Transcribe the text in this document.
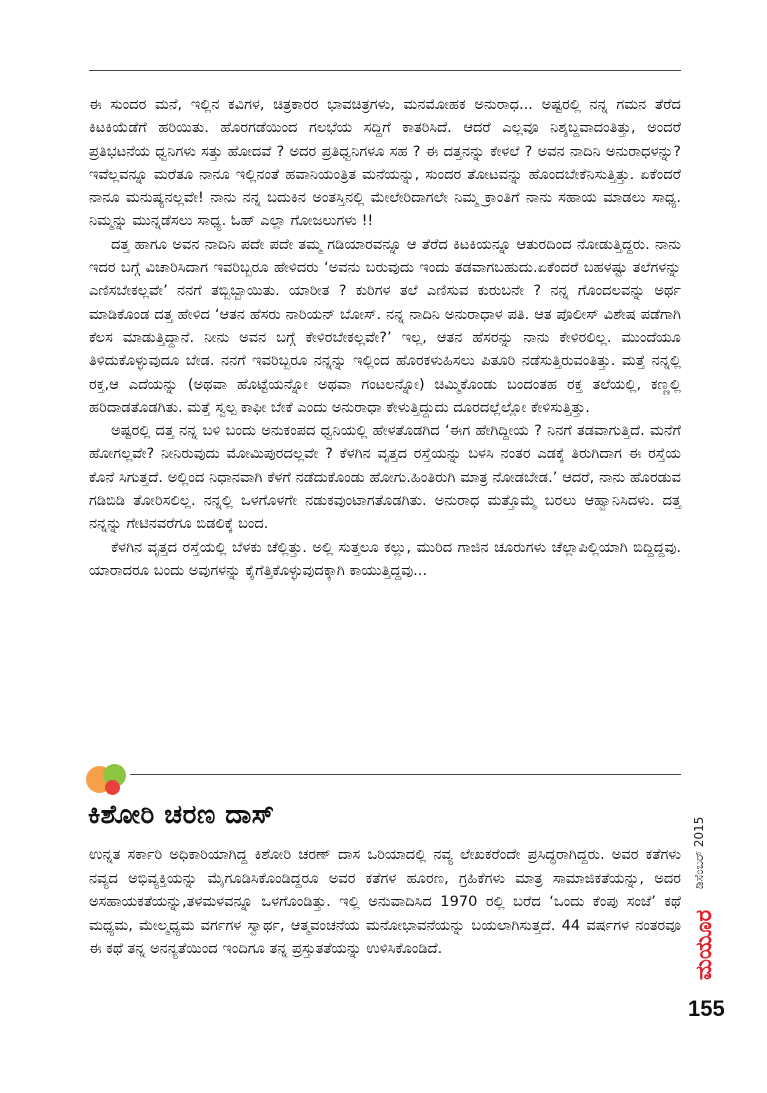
ಈ ಸುಂದರ ಮನೆ, ಇಲ್ಲಿನ ಕವಿಗಳ, ಚಿತ್ರಕಾರರ ಭಾವಚಿತ್ರಗಳು, ಮನಮೋಹಕ ಅನುರಾಧ... ಅಷ್ಟರಲ್ಲಿ ನನ್ನ ಗಮನ ತೆರೆದ ಕಿಟಕಿಯೆಡೆಗೆ ಹರಿಯಿತು. ಹೊರಗಡೆಯಿಂದ ಗಲಭೆಯ ಸದ್ದಿಗೆ ಕಾತರಿಸಿದೆ. ಆದರೆ ಎಲ್ಲವೂ ನಿಶ್ಶಬ್ದವಾದಂತಿತ್ತು, ಅಂದರೆ ಪ್ರತಿಭಟನೆಯ ಧ್ವನಿಗಳು ಸತ್ತು ಹೋದವೆ ? ಅದರ ಪ್ರತಿಧ್ವನಿಗಳೂ ಸಹ ? ಈ ದತ್ತನನ್ನು ಕೇಳಲೆ ? ಅವನ ನಾದಿನಿ ಅನುರಾಧಳನ್ನು? ಇವೆಲ್ಲವನ್ನೂ ಮರೆತೂ ನಾನೂ ಇಲ್ಲಿನಂತೆ ಹವಾನಿಯಂತ್ರಿತ ಮನೆಯನ್ನು, ಸುಂದರ ತೋಟವನ್ನು ಹೊಂದಬೇಕೆನಿಸುತ್ತಿತ್ತು. ಏಕೆಂದರೆ ನಾನೂ ಮನುಷ್ಯನಲ್ಲವೇ! ನಾನು ನನ್ನ ಬದುಕಿನ ಅಂತಸ್ತಿನಲ್ಲಿ ಮೇಲೇರಿದಾಗಲೇ ನಿಮ್ಮ ಕ್ರಾಂತಿಗೆ ನಾನು ಸಹಾಯ ಮಾಡಲು ಸಾಧ್ಯ. ನಿಮ್ಮನ್ನು ಮುನ್ನಡೆಸಲು ಸಾಧ್ಯ. ಓಹ್ ಎಲ್ಲಾ ಗೋಜಲುಗಳು !!

ದತ್ತ ಹಾಗೂ ಅವನ ನಾದಿನಿ ಪದೇ ಪದೇ ತಮ್ಮ ಗಡಿಯಾರವನ್ನೂ ಆ ತೆರೆದ ಕಿಟಕಿಯನ್ನೂ ಆತುರದಿಂದ ನೋಡುತ್ತಿದ್ದರು. ನಾನು ಇದರ ಬಗ್ಗೆ ವಿಚಾರಿಸಿದಾಗ ಇವರಿಬ್ಬರೂ ಹೇಳಿದರು ‘ಅವನು ಬರುವುದು ಇಂದು ತಡವಾಗಬಹುದು.ಏಕೆಂದರೆ ಬಹಳಷ್ಟು ತಲೆಗಳನ್ನು ಎಣಿಸಬೇಕಲ್ಲವೇ’ ನನಗೆ ತಬ್ಬಿಬ್ಬಾಯಿತು. ಯಾರೀತ ? ಕುರಿಗಳ ತಲೆ ಎಣಿಸುವ ಕುರುಬನೇ ? ನನ್ನ ಗೊಂದಲವನ್ನು ಅರ್ಥ ಮಾಡಿಕೊಂಡ ದತ್ತ ಹೇಳಿದ ‘ಆತನ ಹೆಸರು ನಾರಿಯನ್ ಬೋಸ್. ನನ್ನ ನಾದಿನಿ ಅನುರಾಧಾಳ ಪತಿ. ಆತ ಪೊಲೀಸ್ ವಿಶೇಷ ಪಡೆಗಾಗಿ ಕೆಲಸ ಮಾಡುತ್ತಿದ್ದಾನೆ. ನೀನು ಅವನ ಬಗ್ಗೆ ಕೇಳಿರಬೇಕಲ್ಲವೇ?’ ಇಲ್ಲ, ಆತನ ಹೆಸರನ್ನು ನಾನು ಕೇಳಿರಲಿಲ್ಲ. ಮುಂದೆಯೂ ತಿಳಿದುಕೊಳ್ಳುವುದೂ ಬೇಡ. ನನಗೆ ಇವರಿಬ್ಬರೂ ನನ್ನನ್ನು ಇಲ್ಲಿಂದ ಹೊರಕಳುಹಿಸಲು ಪಿತೂರಿ ನಡೆಸುತ್ತಿರುವಂತಿತ್ತು. ಮತ್ತೆ ನನ್ನಲ್ಲಿ ರಕ್ತ,ಆ ಎದೆಯನ್ನು (ಅಥವಾ ಹೊಟ್ಟೆಯನ್ನೋ ಅಥವಾ ಗಂಟಲನ್ನೋ) ಚಿಮ್ಮಿಕೊಂಡು ಬಂದಂತಹ ರಕ್ತ ತಲೆಯಲ್ಲಿ, ಕಣ್ಣಲ್ಲಿ ಹರಿದಾಡತೊಡಗಿತು. ಮತ್ತೆ ಸ್ವಲ್ಪ ಕಾಫೀ ಬೇಕೆ ಎಂದು ಅನುರಾಧಾ ಕೇಳುತ್ತಿದ್ದುದು ದೂರದಲ್ಲೆಲ್ಲೋ ಕೇಳಿಸುತ್ತಿತ್ತು.

ಅಷ್ಟರಲ್ಲಿ ದತ್ತ ನನ್ನ ಬಳಿ ಬಂದು ಅನುಕಂಪದ ಧ್ವನಿಯಲ್ಲಿ ಹೇಳತೊಡಗಿದ ‘ಈಗ ಹೇಗಿದ್ದೀಯ ? ನಿನಗೆ ತಡವಾಗುತ್ತಿದೆ. ಮನೆಗೆ ಹೋಗಲ್ಲವೇ? ನೀನಿರುವುದು ಮೋಮಿಪುರದಲ್ಲವೇ ? ಕೆಳಗಿನ ವೃತ್ತದ ರಸ್ತೆಯನ್ನು ಬಳಸಿ ನಂತರ ಎಡಕ್ಕೆ ತಿರುಗಿದಾಗ ಈ ರಸ್ತೆಯ ಕೊನೆ ಸಿಗುತ್ತದೆ. ಅಲ್ಲಿಂದ ನಿಧಾನವಾಗಿ ಕೆಳಗೆ ನಡೆದುಕೊಂಡು ಹೋಗು.ಹಿಂತಿರುಗಿ ಮಾತ್ರ ನೋಡಬೇಡ.’ ಆದರೆ, ನಾನು ಹೊರಡುವ ಗಡಿಬಿಡಿ ತೋರಿಸಲಿಲ್ಲ. ನನ್ನಲ್ಲಿ ಒಳಗೊಳಗೇ ನಡುಕವುಂಟಾಗತೊಡಗಿತು. ಅನುರಾಧ ಮತ್ತೊಮ್ಮೆ ಬರಲು ಆಹ್ವಾನಿಸಿದಳು. ದತ್ತ ನನ್ನನ್ನು ಗೇಟಿನವರೆಗೂ ಬಿಡಲಿಕ್ಕೆ ಬಂದ.

ಕೆಳಗಿನ ವೃತ್ತದ ರಸ್ತೆಯಲ್ಲಿ ಬೆಳಕು ಚೆಲ್ಲಿತ್ತು. ಅಲ್ಲಿ ಸುತ್ತಲೂ ಕಲ್ಲು, ಮುರಿದ ಗಾಜಿನ ಚೂರುಗಳು ಚೆಲ್ಲಾಪಿಲ್ಲಿಯಾಗಿ ಬಿದ್ದಿದ್ದವು. ಯಾರಾದರೂ ಬಂದು ಅವುಗಳನ್ನು ಕೈಗೆತ್ತಿಕೊಳ್ಳುವುದಕ್ಕಾಗಿ ಕಾಯುತ್ತಿದ್ದವು...

ಕಿಶೋರಿ ಚರಣ ದಾಸ್

ಉನ್ನತ ಸರ್ಕಾರಿ ಅಧಿಕಾರಿಯಾಗಿದ್ದ ಕಿಶೋರಿ ಚರಣ್ ದಾಸ ಒರಿಯಾದಲ್ಲಿ ನವ್ಯ ಲೇಖಕರೆಂದೇ ಪ್ರಸಿದ್ಧರಾಗಿದ್ದರು. ಅವರ ಕತೆಗಳು ನವ್ಯದ ಅಭಿವ್ಯಕ್ತಿಯನ್ನು ಮೈಗೂಡಿಸಿಕೊಂಡಿದ್ದರೂ ಅವರ ಕತೆಗಳ ಹೂರಣ, ಗ್ರಹಿಕೆಗಳು ಮಾತ್ರ ಸಾಮಾಜಿಕತೆಯನ್ನು, ಅದರ ಅಸಹಾಯಕತೆಯನ್ನು,ತಳಮಳವನ್ನೂ ಒಳಗೊಂಡಿತ್ತು. ಇಲ್ಲಿ ಅನುವಾದಿಸಿದ 1970 ರಲ್ಲಿ ಬರೆದ ‘ಒಂದು ಕೆಂಪು ಸಂಜೆ’ ಕಥೆ ಮಧ್ಯಮ, ಮೇಲ್ಮಧ್ಯಮ ವರ್ಗಗಳ ಸ್ವಾರ್ಥ, ಆತ್ಮವಂಚನೆಯ ಮನೋಭಾವನೆಯನ್ನು ಬಯಲಾಗಿಸುತ್ತದೆ. 44 ವರ್ಷಗಳ ನಂತರವೂ ಈ ಕಥೆ ತನ್ನ ಅನನ್ಯತೆಯಿಂದ ಇಂದಿಗೂ ತನ್ನ ಪ್ರಸ್ತುತತೆಯನ್ನು ಉಳಿಸಿಕೊಂಡಿದೆ.

ಡಿಸೆಂಬರ್ 2015
ಮಯೂರ
155
